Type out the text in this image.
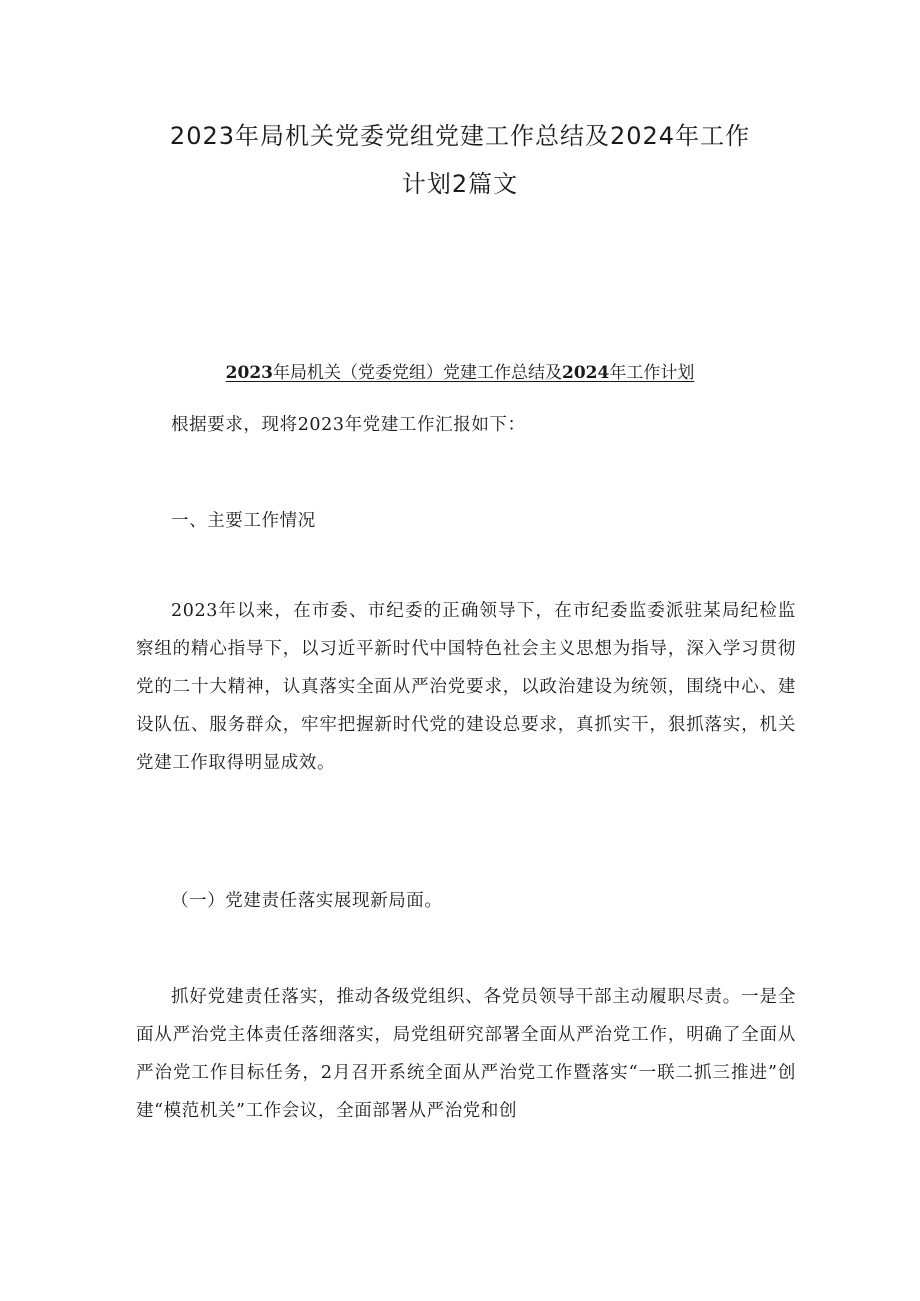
2023年局机关党委党组党建工作总结及2024年工作
计划2篇文

2023年局机关（党委党组）党建工作总结及2024年工作计划

根据要求，现将2023年党建工作汇报如下：

一、主要工作情况

2023年以来，在市委、市纪委的正确领导下，在市纪委监委派驻某局纪检监察组的精心指导下，以习近平新时代中国特色社会主义思想为指导，深入学习贯彻党的二十大精神，认真落实全面从严治党要求，以政治建设为统领，围绕中心、建设队伍、服务群众，牢牢把握新时代党的建设总要求，真抓实干，狠抓落实，机关党建工作取得明显成效。

（一）党建责任落实展现新局面。

抓好党建责任落实，推动各级党组织、各党员领导干部主动履职尽责。一是全面从严治党主体责任落细落实，局党组研究部署全面从严治党工作，明确了全面从严治党工作目标任务，2月召开系统全面从严治党工作暨落实“一联二抓三推进”创建“模范机关”工作会议，全面部署从严治党和创
